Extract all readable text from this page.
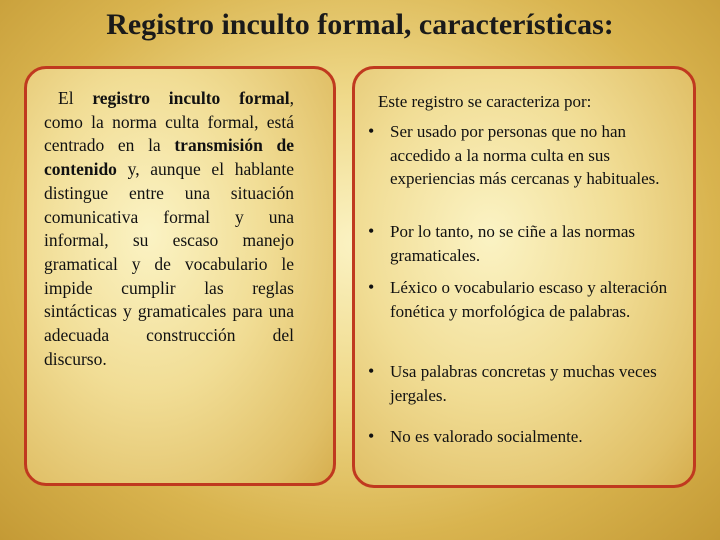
Registro inculto formal, características:

El registro inculto formal, como la norma culta formal, está centrado en la transmisión de contenido y, aunque el hablante distingue entre una situación comunicativa formal y una informal, su escaso manejo gramatical y de vocabulario le impide cumplir las reglas sintácticas y gramaticales para una adecuada construcción del discurso.

Este registro se caracteriza por:

• Ser usado por personas que no han accedido a la norma culta en sus experiencias más cercanas y habituales.
• Por lo tanto, no se ciñe a las normas gramaticales.
• Léxico o vocabulario escaso y alteración fonética y morfológica de palabras.
• Usa palabras concretas y muchas veces jergales.
• No es valorado socialmente.
